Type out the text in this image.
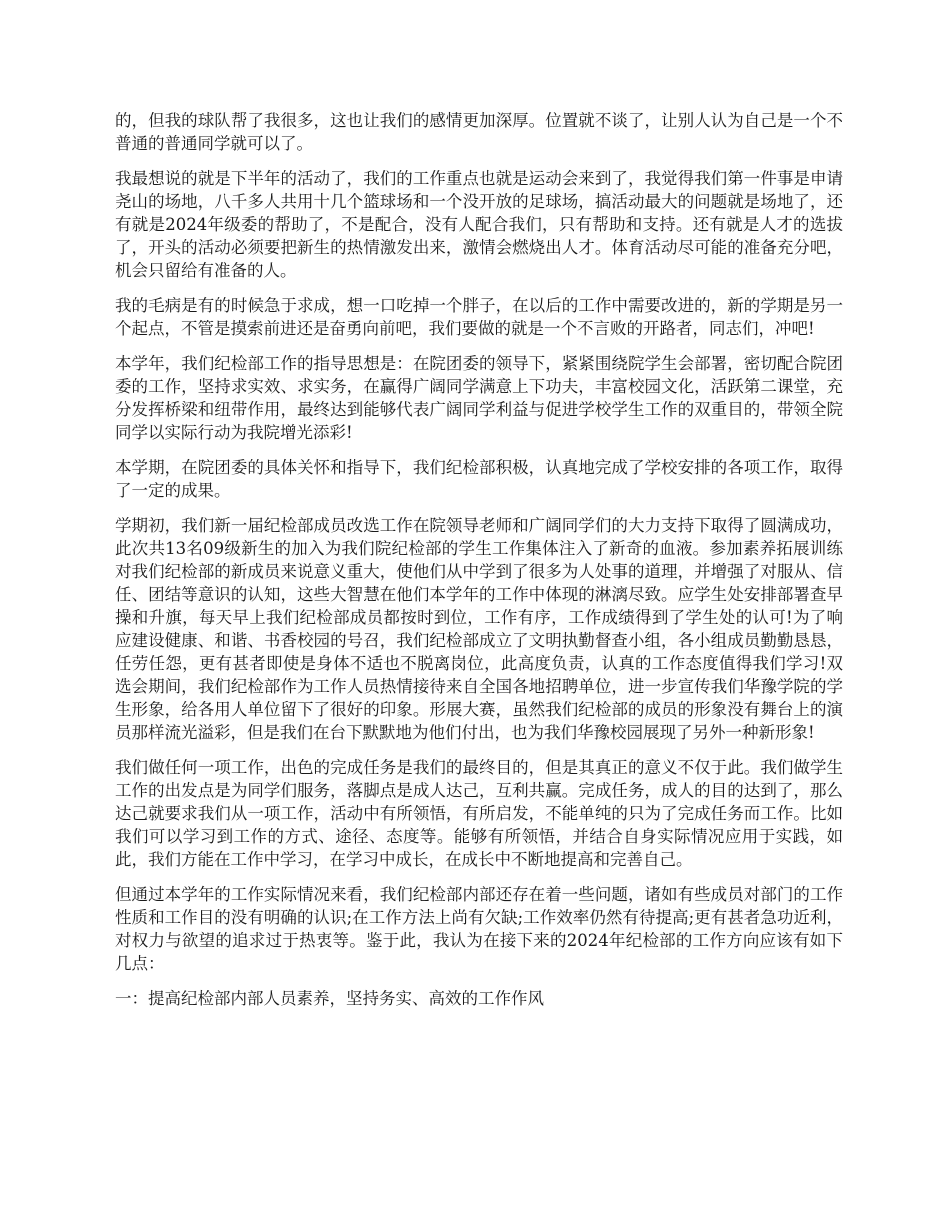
的，但我的球队帮了我很多，这也让我们的感情更加深厚。位置就不谈了，让别人认为自己是一个不普通的普通同学就可以了。

我最想说的就是下半年的活动了，我们的工作重点也就是运动会来到了，我觉得我们第一件事是申请尧山的场地，八千多人共用十几个篮球场和一个没开放的足球场，搞活动最大的问题就是场地了，还有就是2024年级委的帮助了，不是配合，没有人配合我们，只有帮助和支持。还有就是人才的选拔了，开头的活动必须要把新生的热情激发出来，激情会燃烧出人才。体育活动尽可能的准备充分吧，机会只留给有准备的人。

我的毛病是有的时候急于求成，想一口吃掉一个胖子，在以后的工作中需要改进的，新的学期是另一个起点，不管是摸索前进还是奋勇向前吧，我们要做的就是一个不言败的开路者，同志们，冲吧!

本学年，我们纪检部工作的指导思想是：在院团委的领导下，紧紧围绕院学生会部署，密切配合院团委的工作，坚持求实效、求实务，在赢得广阔同学满意上下功夫，丰富校园文化，活跃第二课堂，充分发挥桥梁和纽带作用，最终达到能够代表广阔同学利益与促进学校学生工作的双重目的，带领全院同学以实际行动为我院增光添彩!

本学期，在院团委的具体关怀和指导下，我们纪检部积极，认真地完成了学校安排的各项工作，取得了一定的成果。

学期初，我们新一届纪检部成员改选工作在院领导老师和广阔同学们的大力支持下取得了圆满成功，此次共13名09级新生的加入为我们院纪检部的学生工作集体注入了新奇的血液。参加素养拓展训练对我们纪检部的新成员来说意义重大，使他们从中学到了很多为人处事的道理，并增强了对服从、信任、团结等意识的认知，这些大智慧在他们本学年的工作中体现的淋漓尽致。应学生处安排部署查早操和升旗，每天早上我们纪检部成员都按时到位，工作有序，工作成绩得到了学生处的认可!为了响应建设健康、和谐、书香校园的号召，我们纪检部成立了文明执勤督查小组，各小组成员勤勤恳恳，任劳任怨，更有甚者即使是身体不适也不脱离岗位，此高度负责，认真的工作态度值得我们学习!双选会期间，我们纪检部作为工作人员热情接待来自全国各地招聘单位，进一步宣传我们华豫学院的学生形象，给各用人单位留下了很好的印象。形展大赛，虽然我们纪检部的成员的形象没有舞台上的演员那样流光溢彩，但是我们在台下默默地为他们付出，也为我们华豫校园展现了另外一种新形象!

我们做任何一项工作，出色的完成任务是我们的最终目的，但是其真正的意义不仅于此。我们做学生工作的出发点是为同学们服务，落脚点是成人达己，互利共赢。完成任务，成人的目的达到了，那么达己就要求我们从一项工作，活动中有所领悟，有所启发，不能单纯的只为了完成任务而工作。比如我们可以学习到工作的方式、途径、态度等。能够有所领悟，并结合自身实际情况应用于实践，如此，我们方能在工作中学习，在学习中成长，在成长中不断地提高和完善自己。

但通过本学年的工作实际情况来看，我们纪检部内部还存在着一些问题，诸如有些成员对部门的工作性质和工作目的没有明确的认识;在工作方法上尚有欠缺;工作效率仍然有待提高;更有甚者急功近利，对权力与欲望的追求过于热衷等。鉴于此，我认为在接下来的2024年纪检部的工作方向应该有如下几点：

一：提高纪检部内部人员素养，坚持务实、高效的工作作风
